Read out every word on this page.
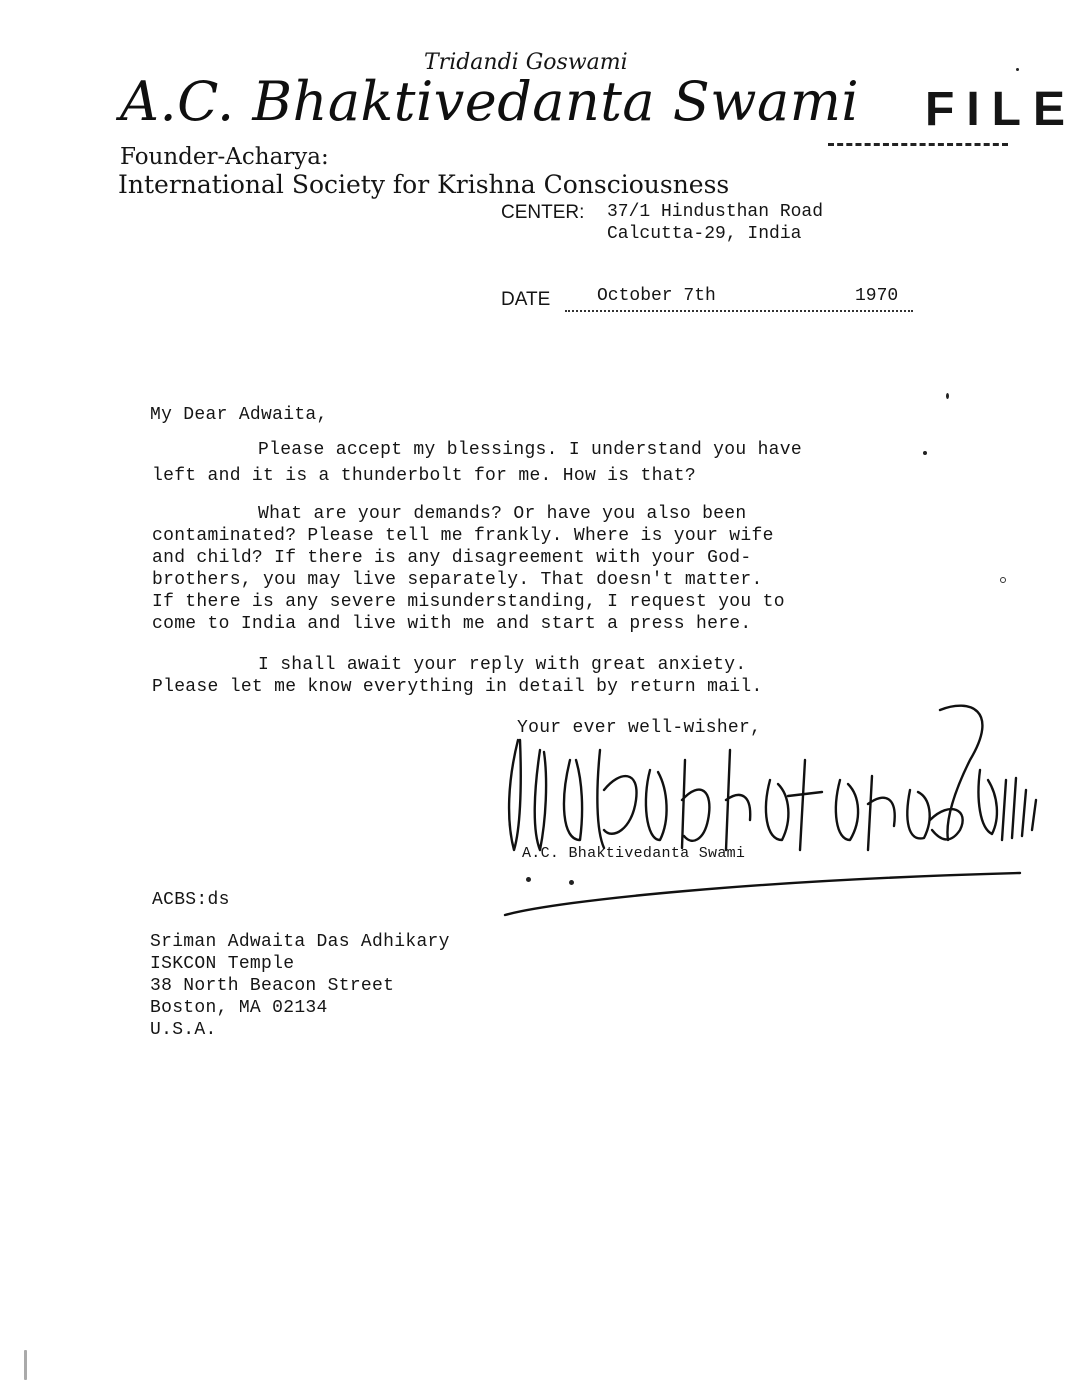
Tridandi Goswami
A.C. Bhaktivedanta Swami FILE
Founder-Acharya:
International Society for Krishna Consciousness
CENTER: 37/1 Hindusthan Road
Calcutta-29, India
DATE	October 7th	1970
My Dear Adwaita,
Please accept my blessings. I understand you have
left and it is a thunderbolt for me. How is that?
What are your demands? Or have you also been
contaminated? Please tell me frankly. Where is your wife
and child? If there is any disagreement with your God-
brothers, you may live separately. That doesn't matter.
If there is any severe misunderstanding, I request you to
come to India and live with me and start a press here.
I shall await your reply with great anxiety.
Please let me know everything in detail by return mail.
Your ever well-wisher,
A.C. Bhaktivedanta Swami
ACBS:ds
Sriman Adwaita Das Adhikary
ISKCON Temple
38 North Beacon Street
Boston, MA 02134
U.S.A.
